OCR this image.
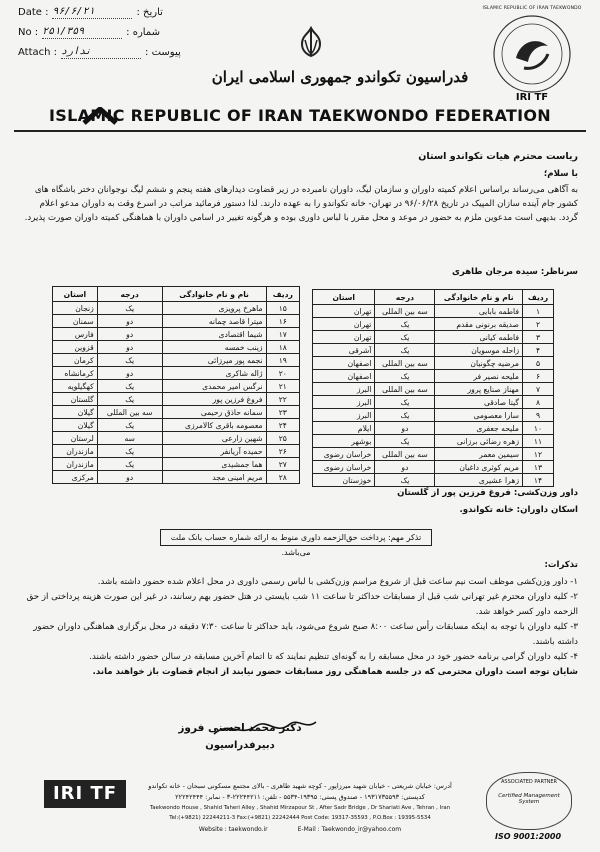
Date : ۹۶/۶/۲۱	تاریخ :
No : ۲۵۱/۳۵۹	شماره :
Attach : ندارد	پیوست :
فدراسیون تکواندو جمهوری اسلامی ایران
ISLAMIC REPUBLIC OF IRAN TAEKWONDO
IRI TF
ISLAMIC REPUBLIC OF IRAN TAEKWONDO FEDERATION
ریاست محترم هیات تکواندو استان
با سلام؛
به آگاهی می‌رساند براساس اعلام کمیته داوران و سازمان لیگ، داوران نامبرده در زیر قضاوت دیدارهای هفته پنجم و ششم لیگ نوجوانان دختر باشگاه های کشور جام آینده سازان المپیک در تاریخ ۹۶/۰۶/۲۸ در تهران- خانه تکواندو را به عهده دارند. لذا دستور فرمائید مراتب در اسرع وقت به داوران مدعو اعلام گردد. بدیهی است مدعوین ملزم به حضور در موعد و محل مقرر با لباس داوری بوده و هرگونه تغییر در اسامی داوران با هماهنگی کمیته داوران صورت پذیرد.
سرناظر: سیده مرجان طاهری
ردیف	نام و نام خانوادگی	درجه	استان
۱	فاطمه بابایی	سه بین المللی	تهران
۲	صدیقه برنونی مقدم	یک	تهران
۳	فاطمه کیانی	یک	تهران
۴	زاحله موسویان	یک	آشرقی
۵	مرضیه چگونیان	سه بین المللی	اصفهان
۶	ملیحه نصیر فر	یک	اصفهان
۷	مهناز صنایع پرور	سه بین المللی	البرز
۸	گیتا صادقی	یک	البرز
۹	سارا معصومی	یک	البرز
۱۰	ملیحه جعفری	دو	ایلام
۱۱	زهره رضائی برزانی	یک	بوشهر
۱۲	سیمین معمر	سه بین المللی	خراسان رضوی
۱۳	مریم کوثری داغیان	دو	خراسان رضوی
۱۴	زهرا عشیری	یک	خوزستان
ردیف	نام و نام خانوادگی	درجه	استان
۱۵	ماهرخ پرویزی	یک	زنجان
۱۶	میترا قاصد چمانه	دو	سمنان
۱۷	شیما اقتصادی	دو	فارس
۱۸	زینب خمسه	دو	قزوین
۱۹	نجمه پور میرزائی	یک	کرمان
۲۰	ژاله شاکری	دو	کرمانشاه
۲۱	نرگس امیر محمدی	یک	کهگیلویه
۲۲	فروغ فرزین پور	یک	گلستان
۲۳	سمانه حاذق رحیمی	سه بین المللی	گیلان
۲۴	معصومه باقری کالامرزی	یک	گیلان
۲۵	شهین زارعی	سه	لرستان
۲۶	حمیده آریانفر	یک	مازندران
۲۷	هما جمشیدی	یک	مازندران
۲۸	مریم امینی مجد	دو	مرکزی
داور وزن‌کشی: فروغ فرزین پور از گلستان
اسکان داوران: خانه تکواندو.
تذکر مهم: پرداخت حق‌الزحمه داوری منوط به ارائه شماره حساب بانک ملت می‌باشد.
تذکرات:
۱- داور وزن‌کشی موظف است نیم ساعت قبل از شروع مراسم وزن‌کشی با لباس رسمی داوری در محل اعلام شده حضور داشته باشد.
۲- کلیه داوران محترم غیر تهرانی شب قبل از مسابقات حداکثر تا ساعت ۱۱ شب بایستی در هتل حضور بهم رسانند، در غیر این صورت هزینه پرداختی از حق الزحمه داور کسر خواهد شد.
۳- کلیه داوران با توجه به اینکه مسابقات رأس ساعت ۸:۰۰ صبح شروع می‌شود، باید حداکثر تا ساعت ۷:۳۰ دقیقه در محل برگزاری هماهنگی داوران حضور داشته باشند.
۴- کلیه داوران گرامی برنامه حضور خود در محل مسابقه را به گونه‌ای تنظیم نمایند که تا اتمام آخرین مسابقه در سالن حضور داشته باشند.
شایان توجه است داوران محترمی که در جلسه هماهنگی روز مسابقات حضور نیابند از انجام قضاوت باز خواهند ماند.
دکتر محمد احسنی فروز
دبیرفدراسیون
IRI TF	آدرس: خیابان شریعتی - خیابان شهید میرزاپور - کوچه شهید طاهری - بالای مجتمع مسکونی سبحان - خانه تکواندو
کدپستی: ۱۹۳۱۷۳۵۵۹۳ - صندوق پستی: ۱۹۳۹۵-۵۵۳۴ - تلفن: ۲۲۲۴۴۲۱۱-۳ - نمابر: ۲۲۲۴۲۴۴۴
Taekwondo House , Shahid Taheri Alley , Shahid Mirzapour St , After Sadr Bridge , Dr Shariati Ave , Tehran , Iran
Tel:(+9821) 22244211-3 Fax:(+9821) 22242444 Post Code: 19317-35593 , P.O.Box : 19395-5534
Website : taekwondo.ir	E-Mail : Taekwondo_ir@yahoo.com
ASSOCIATED PARTNER
Certified Management System
ISO 9001:2000
